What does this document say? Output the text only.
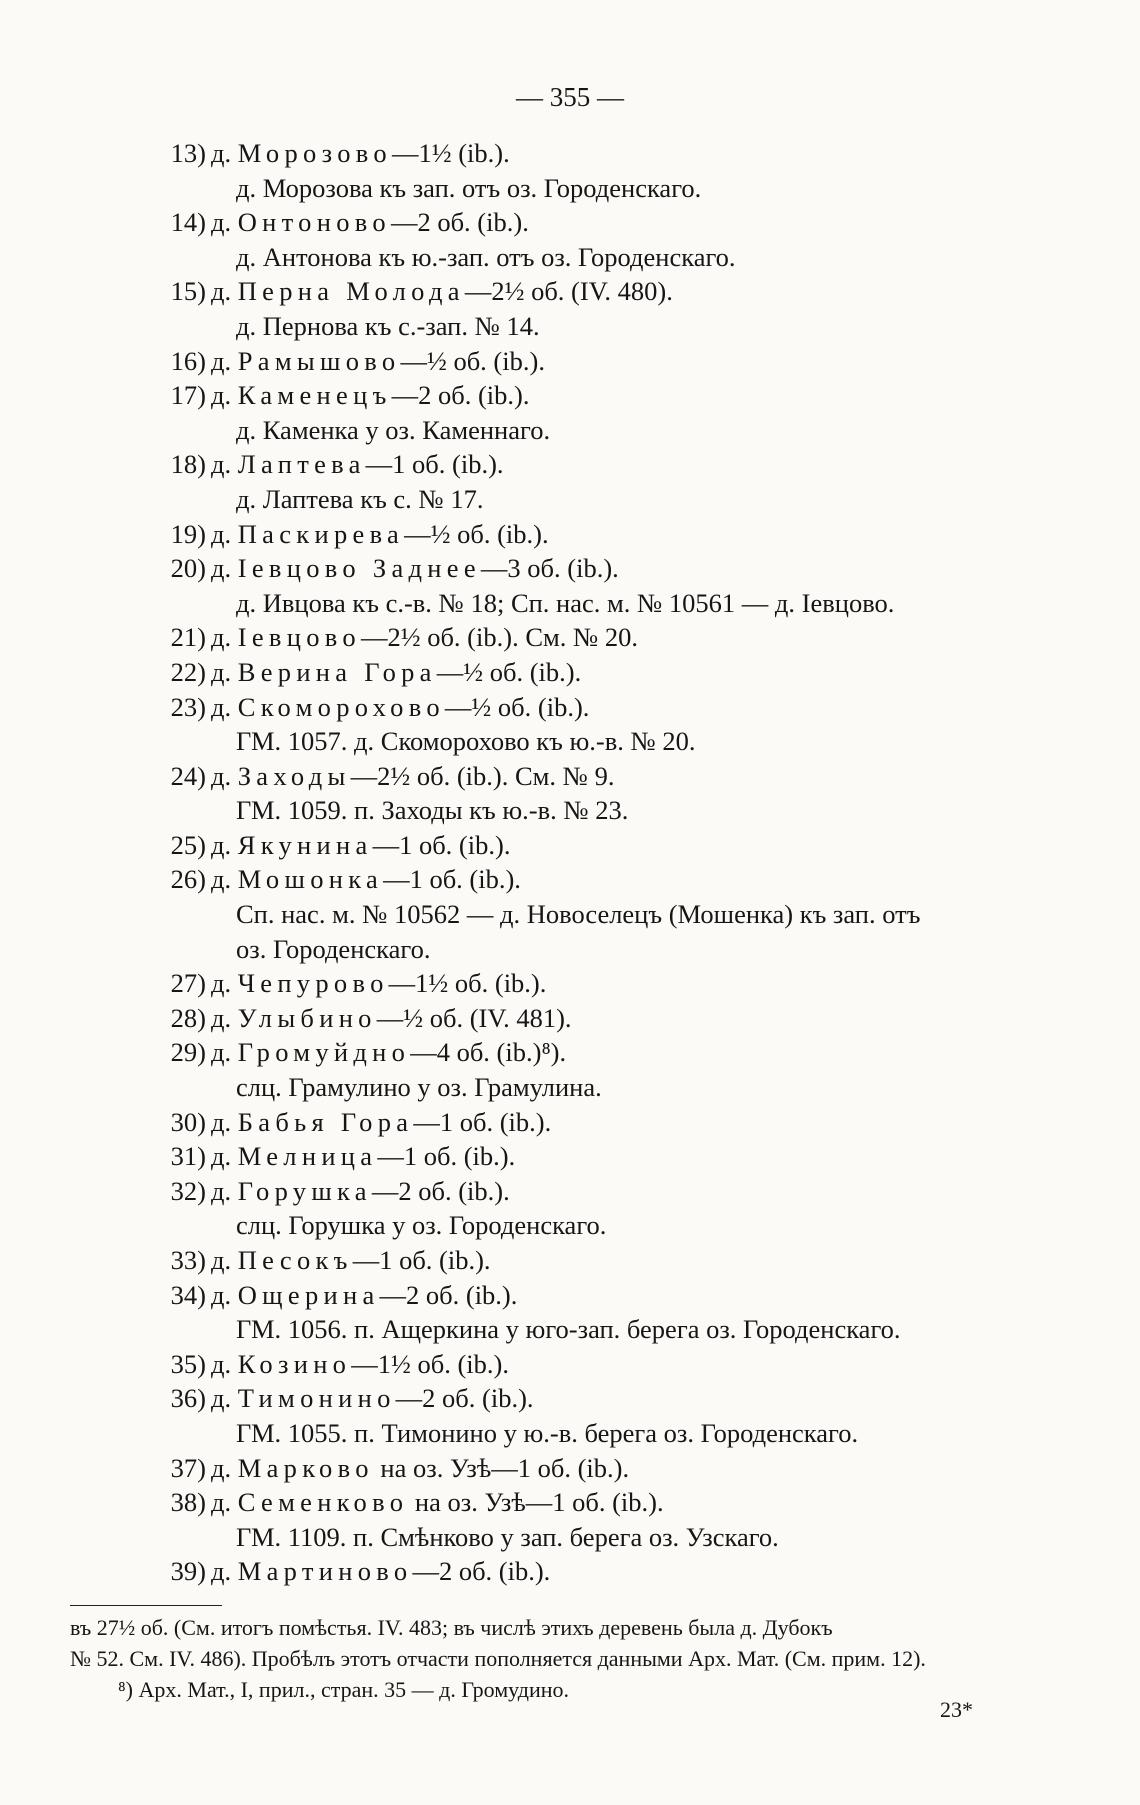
— 355 —
13) д. Морозово—1½ (ib.).
д. Морозова къ зап. отъ оз. Городенскаго.
14) д. Онтоново—2 об. (ib.).
д. Антонова къ ю.-зап. отъ оз. Городенскаго.
15) д. Перна Молода—2½ об. (IV. 480).
д. Пернова къ с.-зап. № 14.
16) д. Рамышово—½ об. (ib.).
17) д. Каменецъ—2 об. (ib.).
д. Каменка у оз. Каменнаго.
18) д. Лаптева—1 об. (ib.).
д. Лаптева къ с. № 17.
19) д. Паскирева—½ об. (ib.).
20) д. Іевцово Заднее—3 об. (ib.).
д. Ивцова къ с.-в. № 18; Сп. нас. м. № 10561 — д. Іевцово.
21) д. Іевцово—2½ об. (ib.). См. № 20.
22) д. Верина Гора—½ об. (ib.).
23) д. Скоморохово—½ об. (ib.).
ГМ. 1057. д. Скоморохово къ ю.-в. № 20.
24) д. Заходы—2½ об. (ib.). См. № 9.
ГМ. 1059. п. Заходы къ ю.-в. № 23.
25) д. Якунина—1 об. (ib.).
26) д. Мошонка—1 об. (ib.).
Сп. нас. м. № 10562 — д. Новоселецъ (Мошенка) къ зап. отъ
оз. Городенскаго.
27) д. Чепурово—1½ об. (ib.).
28) д. Улыбино—½ об. (IV. 481).
29) д. Громуйдно—4 об. (ib.)⁸).
слц. Грамулино у оз. Грамулина.
30) д. Бабья Гора—1 об. (ib.).
31) д. Мелница—1 об. (ib.).
32) д. Горушка—2 об. (ib.).
слц. Горушка у оз. Городенскаго.
33) д. Песокъ—1 об. (ib.).
34) д. Ощерина—2 об. (ib.).
ГМ. 1056. п. Ащеркина у юго-зап. берега оз. Городенскаго.
35) д. Козино—1½ об. (ib.).
36) д. Тимонино—2 об. (ib.).
ГМ. 1055. п. Тимонино у ю.-в. берега оз. Городенскаго.
37) д. Марково на оз. Узѣ—1 об. (ib.).
38) д. Семенково на оз. Узѣ—1 об. (ib.).
ГМ. 1109. п. Смѣнково у зап. берега оз. Узскаго.
39) д. Мартиново—2 об. (ib.).
въ 27½ об. (См. итогъ помѣстья. IV. 483; въ числѣ этихъ деревень была д. Дубокъ
№ 52. См. IV. 486). Пробѣлъ этотъ отчасти пополняется данными Арх. Мат. (См. прим. 12).
⁸) Арх. Мат., I, прил., стран. 35 — д. Громудино.
23*
